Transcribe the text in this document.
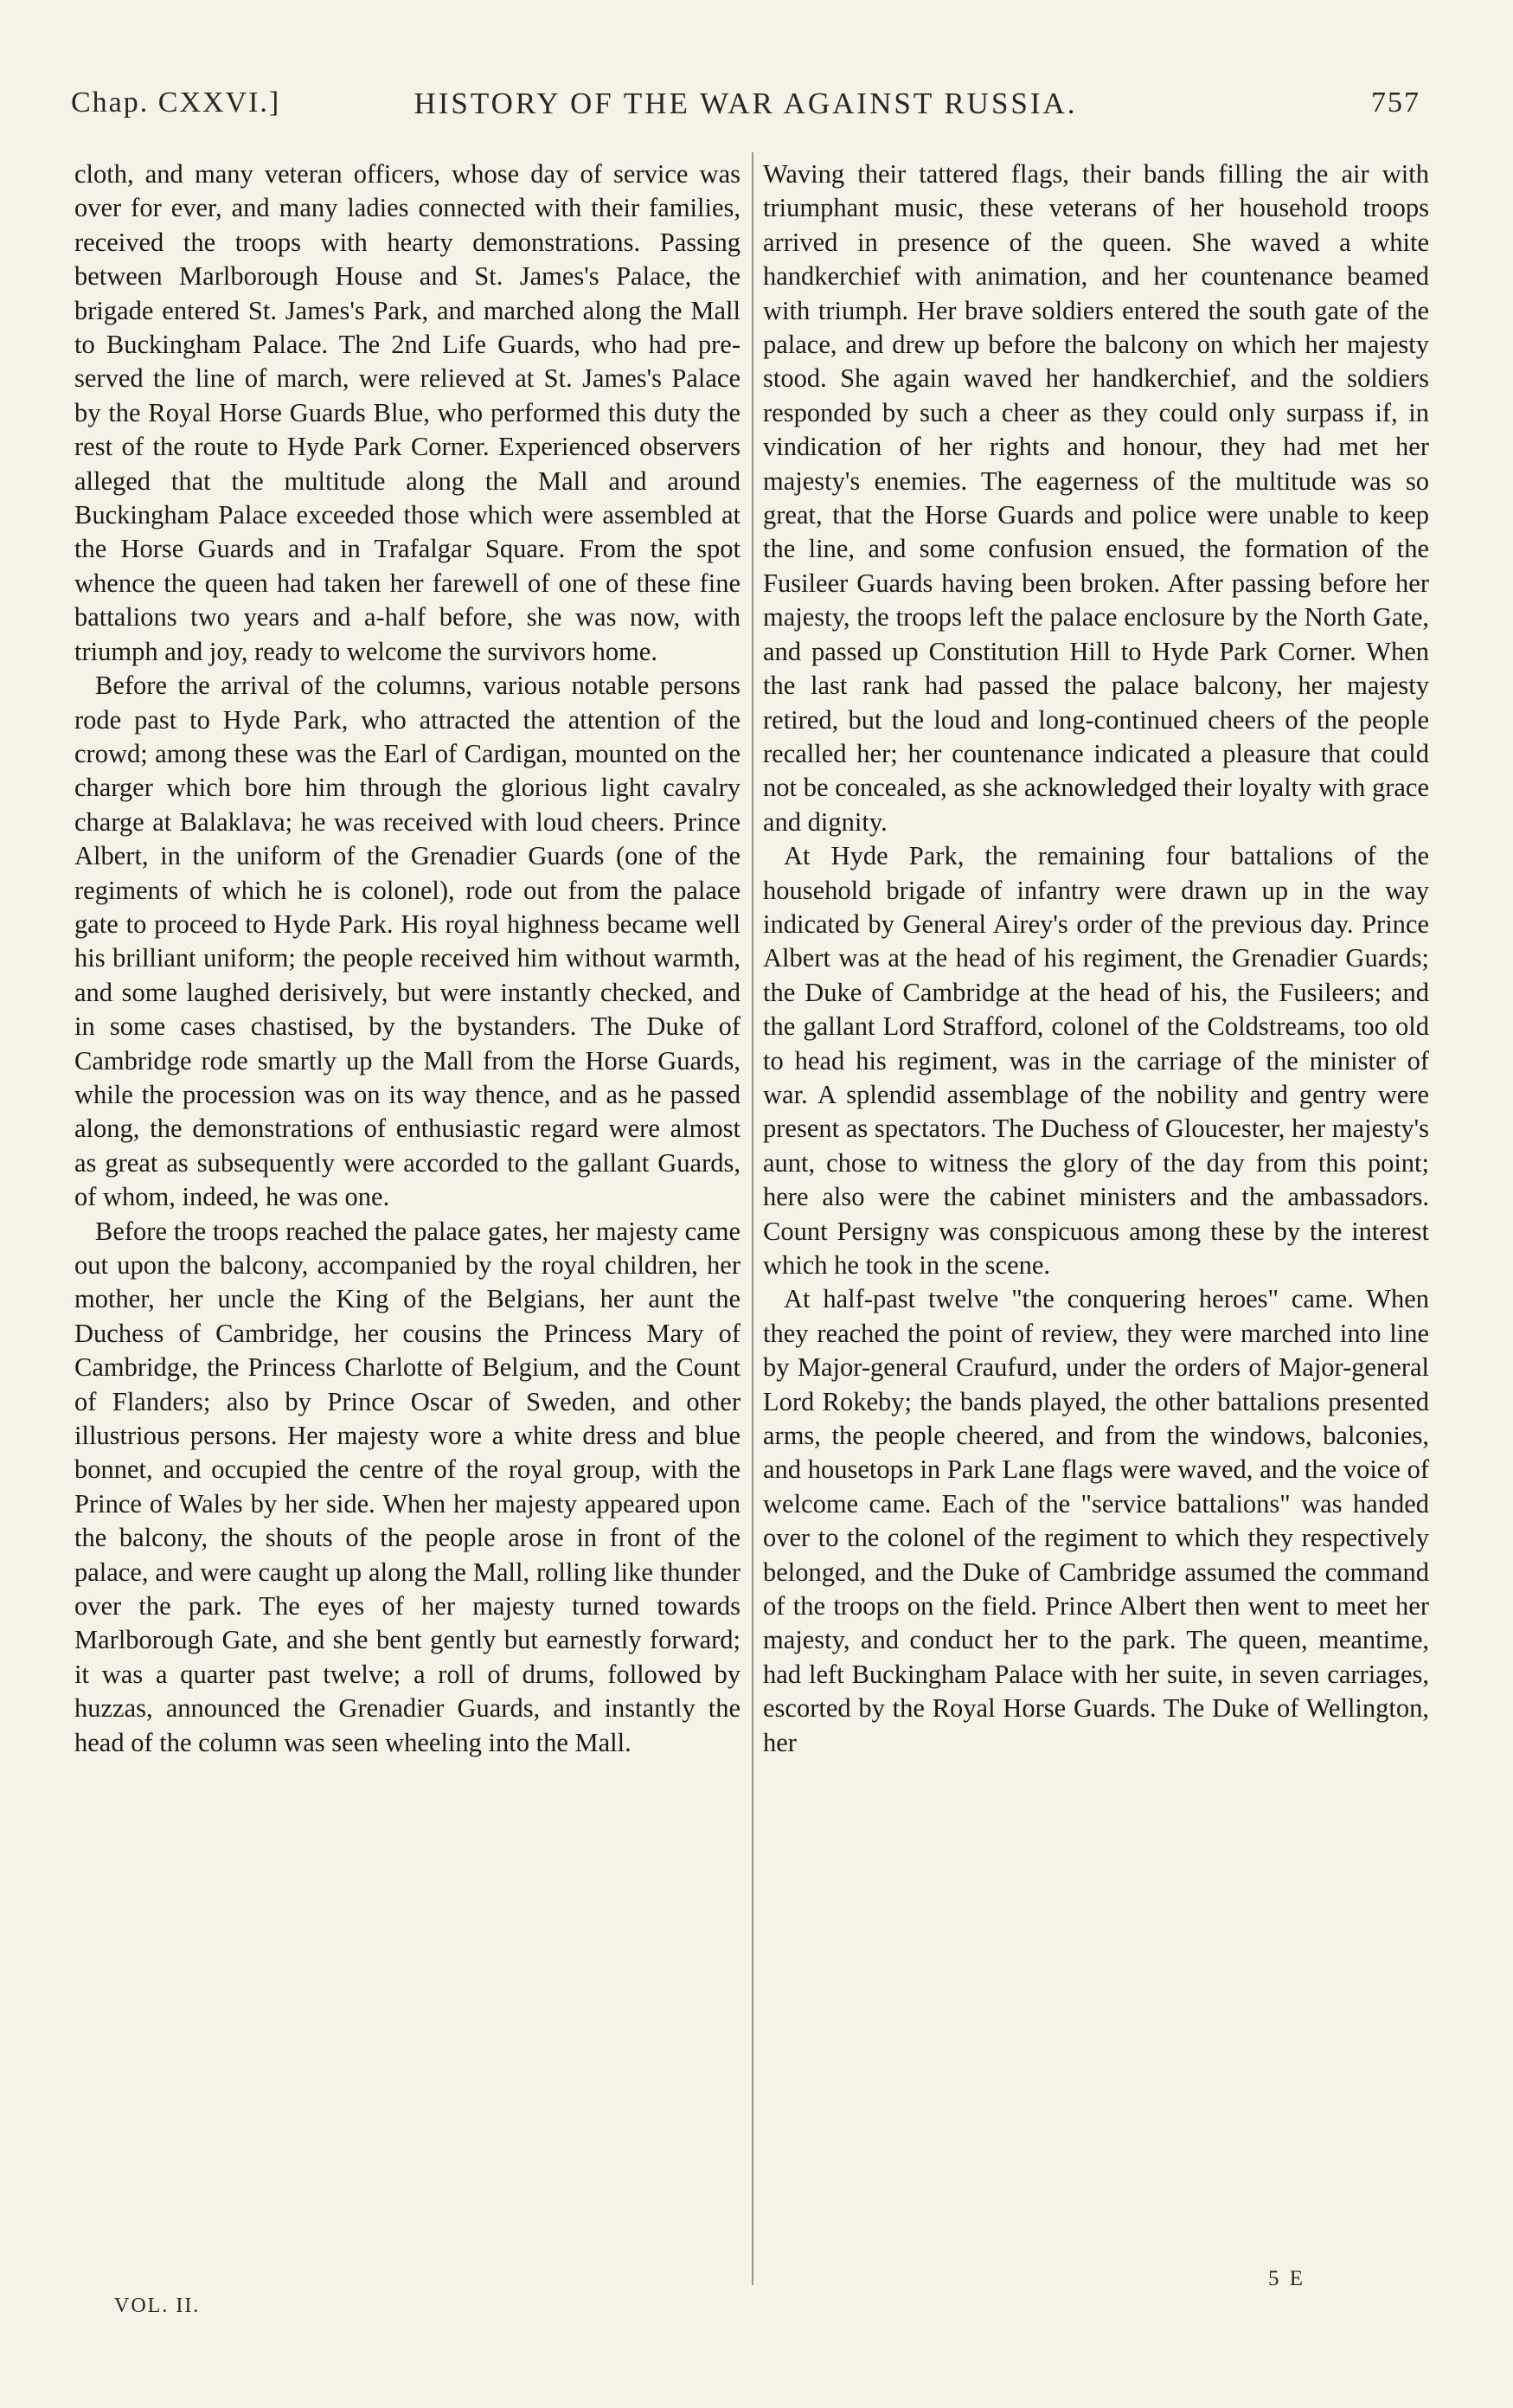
Chap. CXXVI.]	HISTORY OF THE WAR AGAINST RUSSIA.	757

cloth, and many veteran officers, whose day of service was over for ever, and many ladies connected with their families, received the troops with hearty demonstrations. Passing between Marlborough House and St. James's Palace, the brigade entered St. James's Park, and marched along the Mall to Buckingham Palace. The 2nd Life Guards, who had preserved the line of march, were relieved at St. James's Palace by the Royal Horse Guards Blue, who performed this duty the rest of the route to Hyde Park Corner. Experienced observers alleged that the multitude along the Mall and around Buckingham Palace exceeded those which were assembled at the Horse Guards and in Trafalgar Square. From the spot whence the queen had taken her farewell of one of these fine battalions two years and a-half before, she was now, with triumph and joy, ready to welcome the survivors home.

Before the arrival of the columns, various notable persons rode past to Hyde Park, who attracted the attention of the crowd; among these was the Earl of Cardigan, mounted on the charger which bore him through the glorious light cavalry charge at Balaklava; he was received with loud cheers. Prince Albert, in the uniform of the Grenadier Guards (one of the regiments of which he is colonel), rode out from the palace gate to proceed to Hyde Park. His royal highness became well his brilliant uniform; the people received him without warmth, and some laughed derisively, but were instantly checked, and in some cases chastised, by the bystanders. The Duke of Cambridge rode smartly up the Mall from the Horse Guards, while the procession was on its way thence, and as he passed along, the demonstrations of enthusiastic regard were almost as great as subsequently were accorded to the gallant Guards, of whom, indeed, he was one.

Before the troops reached the palace gates, her majesty came out upon the balcony, accompanied by the royal children, her mother, her uncle the King of the Belgians, her aunt the Duchess of Cambridge, her cousins the Princess Mary of Cambridge, the Princess Charlotte of Belgium, and the Count of Flanders; also by Prince Oscar of Sweden, and other illustrious persons. Her majesty wore a white dress and blue bonnet, and occupied the centre of the royal group, with the Prince of Wales by her side. When her majesty appeared upon the balcony, the shouts of the people arose in front of the palace, and were caught up along the Mall, rolling like thunder over the park. The eyes of her majesty turned towards Marlborough Gate, and she bent gently but earnestly forward; it was a quarter past twelve; a roll of drums, followed by huzzas, announced the Grenadier Guards, and instantly the head of the column was seen wheeling into the Mall.

Waving their tattered flags, their bands filling the air with triumphant music, these veterans of her household troops arrived in presence of the queen. She waved a white handkerchief with animation, and her countenance beamed with triumph. Her brave soldiers entered the south gate of the palace, and drew up before the balcony on which her majesty stood. She again waved her handkerchief, and the soldiers responded by such a cheer as they could only surpass if, in vindication of her rights and honour, they had met her majesty's enemies. The eagerness of the multitude was so great, that the Horse Guards and police were unable to keep the line, and some confusion ensued, the formation of the Fusileer Guards having been broken. After passing before her majesty, the troops left the palace enclosure by the North Gate, and passed up Constitution Hill to Hyde Park Corner. When the last rank had passed the palace balcony, her majesty retired, but the loud and long-continued cheers of the people recalled her; her countenance indicated a pleasure that could not be concealed, as she acknowledged their loyalty with grace and dignity.

At Hyde Park, the remaining four battalions of the household brigade of infantry were drawn up in the way indicated by General Airey's order of the previous day. Prince Albert was at the head of his regiment, the Grenadier Guards; the Duke of Cambridge at the head of his, the Fusileers; and the gallant Lord Strafford, colonel of the Coldstreams, too old to head his regiment, was in the carriage of the minister of war. A splendid assemblage of the nobility and gentry were present as spectators. The Duchess of Gloucester, her majesty's aunt, chose to witness the glory of the day from this point; here also were the cabinet ministers and the ambassadors. Count Persigny was conspicuous among these by the interest which he took in the scene.

At half-past twelve "the conquering heroes" came. When they reached the point of review, they were marched into line by Major-general Craufurd, under the orders of Major-general Lord Rokeby; the bands played, the other battalions presented arms, the people cheered, and from the windows, balconies, and housetops in Park Lane flags were waved, and the voice of welcome came. Each of the "service battalions" was handed over to the colonel of the regiment to which they respectively belonged, and the Duke of Cambridge assumed the command of the troops on the field. Prince Albert then went to meet her majesty, and conduct her to the park. The queen, meantime, had left Buckingham Palace with her suite, in seven carriages, escorted by the Royal Horse Guards. The Duke of Wellington, her

VOL. II.
5 E
